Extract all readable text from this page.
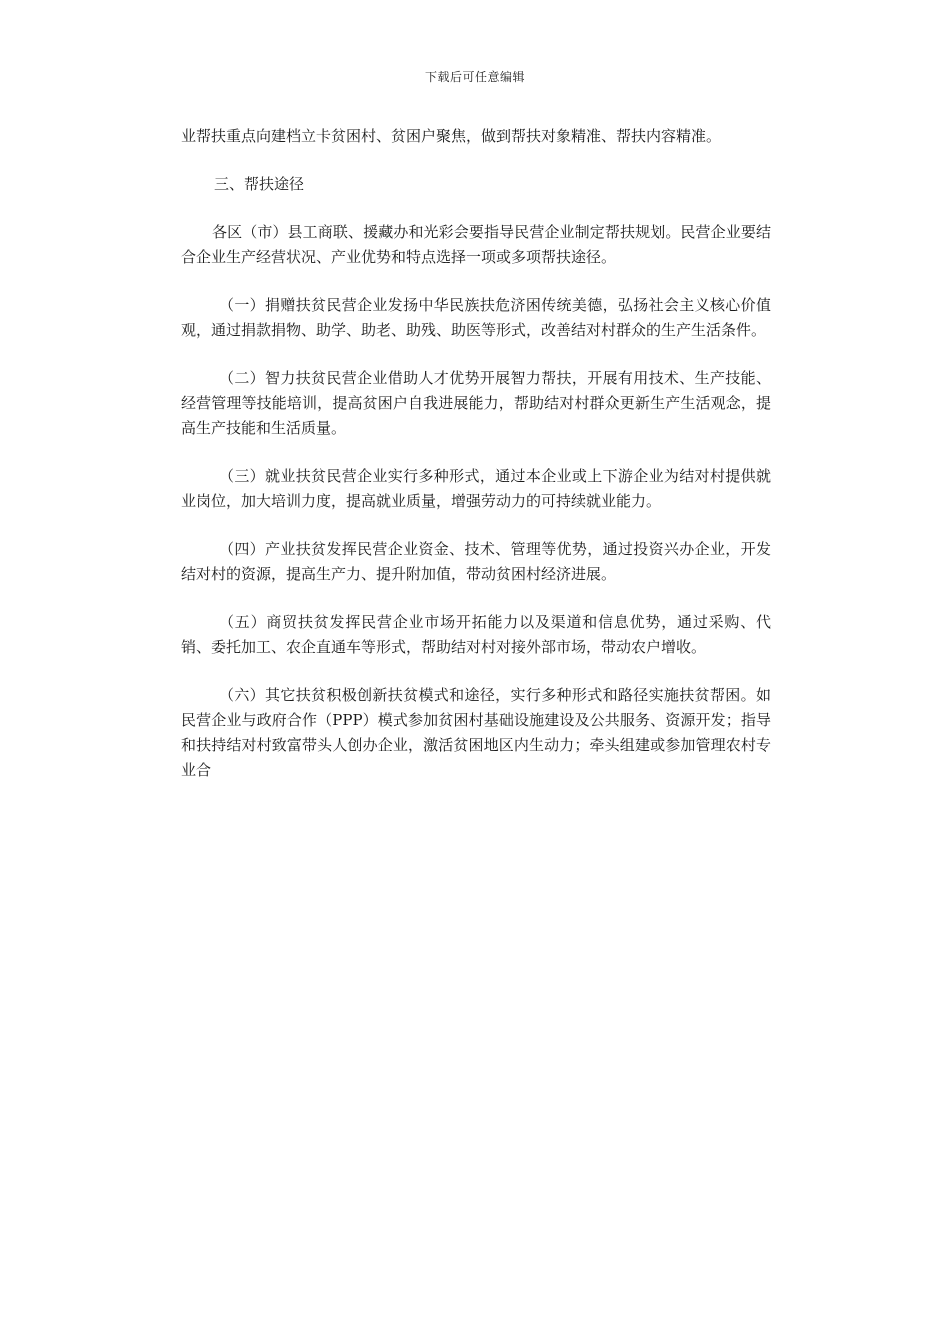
下载后可任意编辑

业帮扶重点向建档立卡贫困村、贫困户聚焦，做到帮扶对象精准、帮扶内容精准。

三、帮扶途径

各区（市）县工商联、援藏办和光彩会要指导民营企业制定帮扶规划。民营企业要结合企业生产经营状况、产业优势和特点选择一项或多项帮扶途径。

（一）捐赠扶贫民营企业发扬中华民族扶危济困传统美德，弘扬社会主义核心价值观，通过捐款捐物、助学、助老、助残、助医等形式，改善结对村群众的生产生活条件。

（二）智力扶贫民营企业借助人才优势开展智力帮扶，开展有用技术、生产技能、经营管理等技能培训，提高贫困户自我进展能力，帮助结对村群众更新生产生活观念，提高生产技能和生活质量。

（三）就业扶贫民营企业实行多种形式，通过本企业或上下游企业为结对村提供就业岗位，加大培训力度，提高就业质量，增强劳动力的可持续就业能力。

（四）产业扶贫发挥民营企业资金、技术、管理等优势，通过投资兴办企业，开发结对村的资源，提高生产力、提升附加值，带动贫困村经济进展。

（五）商贸扶贫发挥民营企业市场开拓能力以及渠道和信息优势，通过采购、代销、委托加工、农企直通车等形式，帮助结对村对接外部市场，带动农户增收。

（六）其它扶贫积极创新扶贫模式和途径，实行多种形式和路径实施扶贫帮困。如民营企业与政府合作（PPP）模式参加贫困村基础设施建设及公共服务、资源开发；指导和扶持结对村致富带头人创办企业，激活贫困地区内生动力；牵头组建或参加管理农村专业合
